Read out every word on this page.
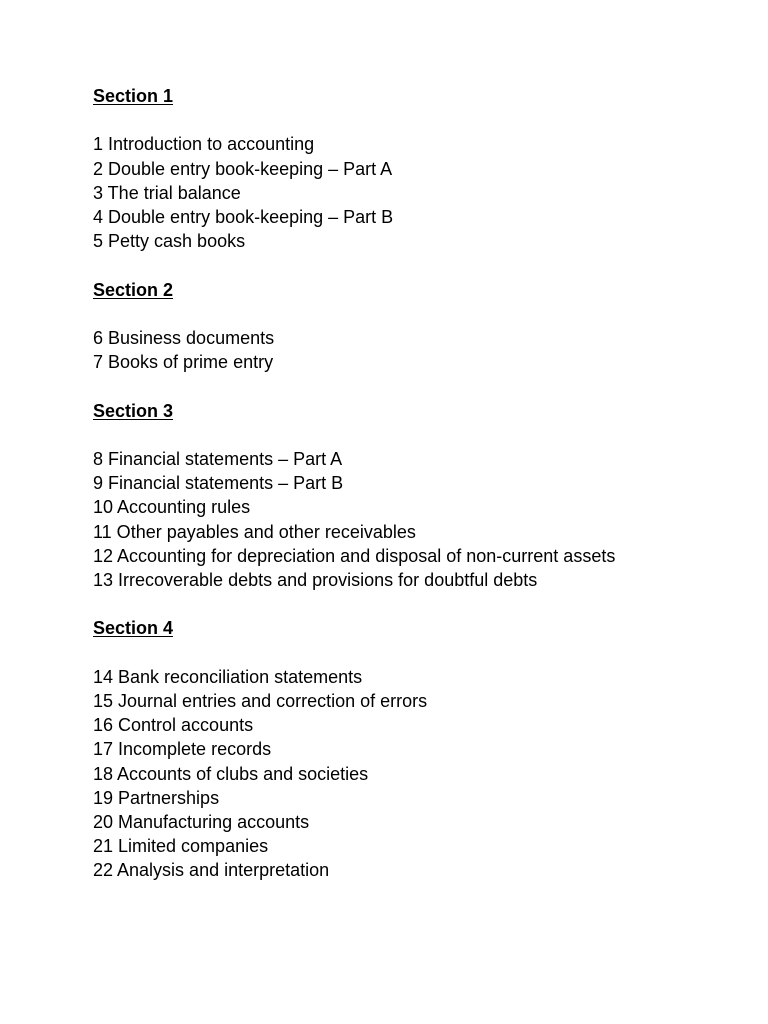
Section 1
1 Introduction to accounting
2 Double entry book-keeping – Part A
3 The trial balance
4 Double entry book-keeping – Part B
5 Petty cash books
Section 2
6 Business documents
7 Books of prime entry
Section 3
8 Financial statements – Part A
9 Financial statements – Part B
10 Accounting rules
11 Other payables and other receivables
12 Accounting for depreciation and disposal of non-current assets
13 Irrecoverable debts and provisions for doubtful debts
Section 4
14 Bank reconciliation statements
15 Journal entries and correction of errors
16 Control accounts
17 Incomplete records
18 Accounts of clubs and societies
19 Partnerships
20 Manufacturing accounts
21 Limited companies
22 Analysis and interpretation
